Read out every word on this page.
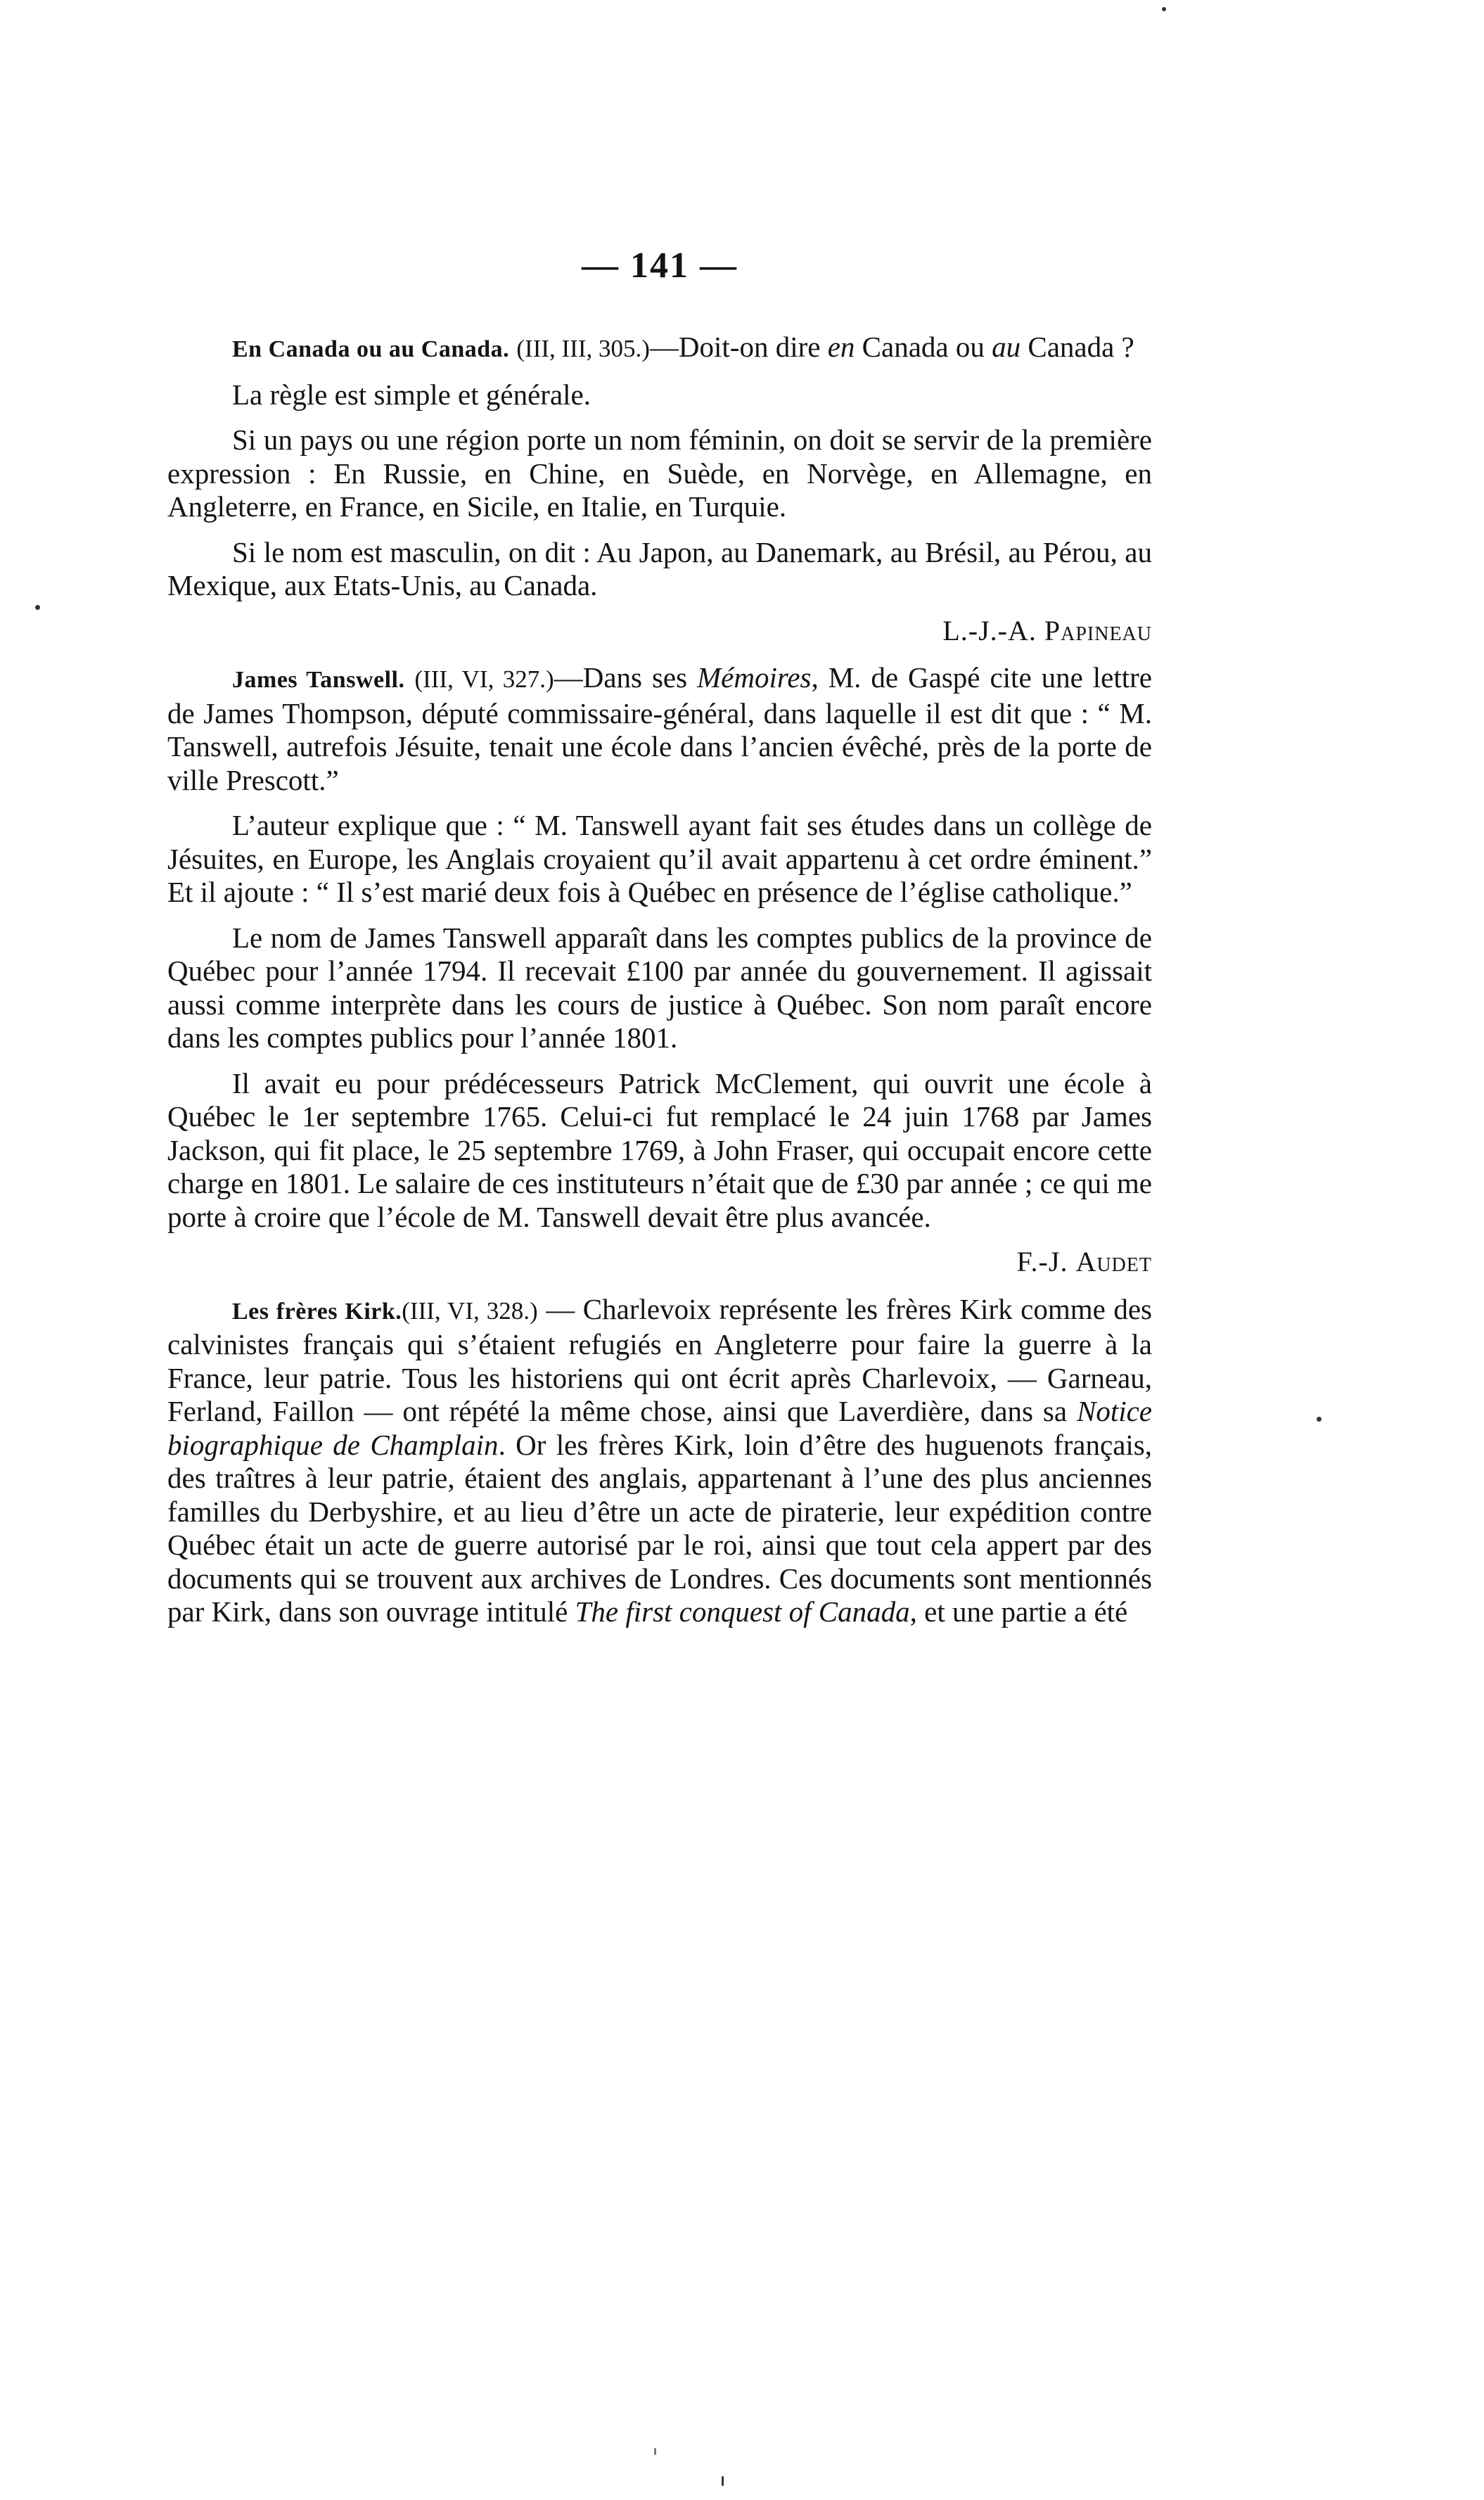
— 141 —

En Canada ou au Canada. (III, III, 305.)—Doit-on dire en Canada ou au Canada ?

La règle est simple et générale.

Si un pays ou une région porte un nom féminin, on doit se servir de la première expression : En Russie, en Chine, en Suède, en Norvège, en Allemagne, en Angleterre, en France, en Sicile, en Italie, en Turquie.

Si le nom est masculin, on dit : Au Japon, au Danemark, au Brésil, au Pérou, au Mexique, aux Etats-Unis, au Canada.

L.-J.-A. Papineau

James Tanswell. (III, VI, 327.)—Dans ses Mémoires, M. de Gaspé cite une lettre de James Thompson, député commissaire-général, dans laquelle il est dit que : “ M. Tanswell, autrefois Jésuite, tenait une école dans l’ancien évêché, près de la porte de ville Prescott.”

L’auteur explique que : “ M. Tanswell ayant fait ses études dans un collège de Jésuites, en Europe, les Anglais croyaient qu’il avait appartenu à cet ordre éminent.” Et il ajoute : “ Il s’est marié deux fois à Québec en présence de l’église catholique.”

Le nom de James Tanswell apparaît dans les comptes publics de la province de Québec pour l’année 1794. Il recevait £100 par année du gouvernement. Il agissait aussi comme interprète dans les cours de justice à Québec. Son nom paraît encore dans les comptes publics pour l’année 1801.

Il avait eu pour prédécesseurs Patrick McClement, qui ouvrit une école à Québec le 1er septembre 1765. Celui-ci fut remplacé le 24 juin 1768 par James Jackson, qui fit place, le 25 septembre 1769, à John Fraser, qui occupait encore cette charge en 1801. Le salaire de ces instituteurs n’était que de £30 par année ; ce qui me porte à croire que l’école de M. Tanswell devait être plus avancée.

F.-J. Audet

Les frères Kirk.(III, VI, 328.) — Charlevoix représente les frères Kirk comme des calvinistes français qui s’étaient refugiés en Angleterre pour faire la guerre à la France, leur patrie. Tous les historiens qui ont écrit après Charlevoix, — Garneau, Ferland, Faillon — ont répété la même chose, ainsi que Laverdière, dans sa Notice biographique de Champlain. Or les frères Kirk, loin d’être des huguenots français, des traîtres à leur patrie, étaient des anglais, appartenant à l’une des plus anciennes familles du Derbyshire, et au lieu d’être un acte de piraterie, leur expédition contre Québec était un acte de guerre autorisé par le roi, ainsi que tout cela appert par des documents qui se trouvent aux archives de Londres. Ces documents sont mentionnés par Kirk, dans son ouvrage intitulé The first conquest of Canada, et une partie a été
